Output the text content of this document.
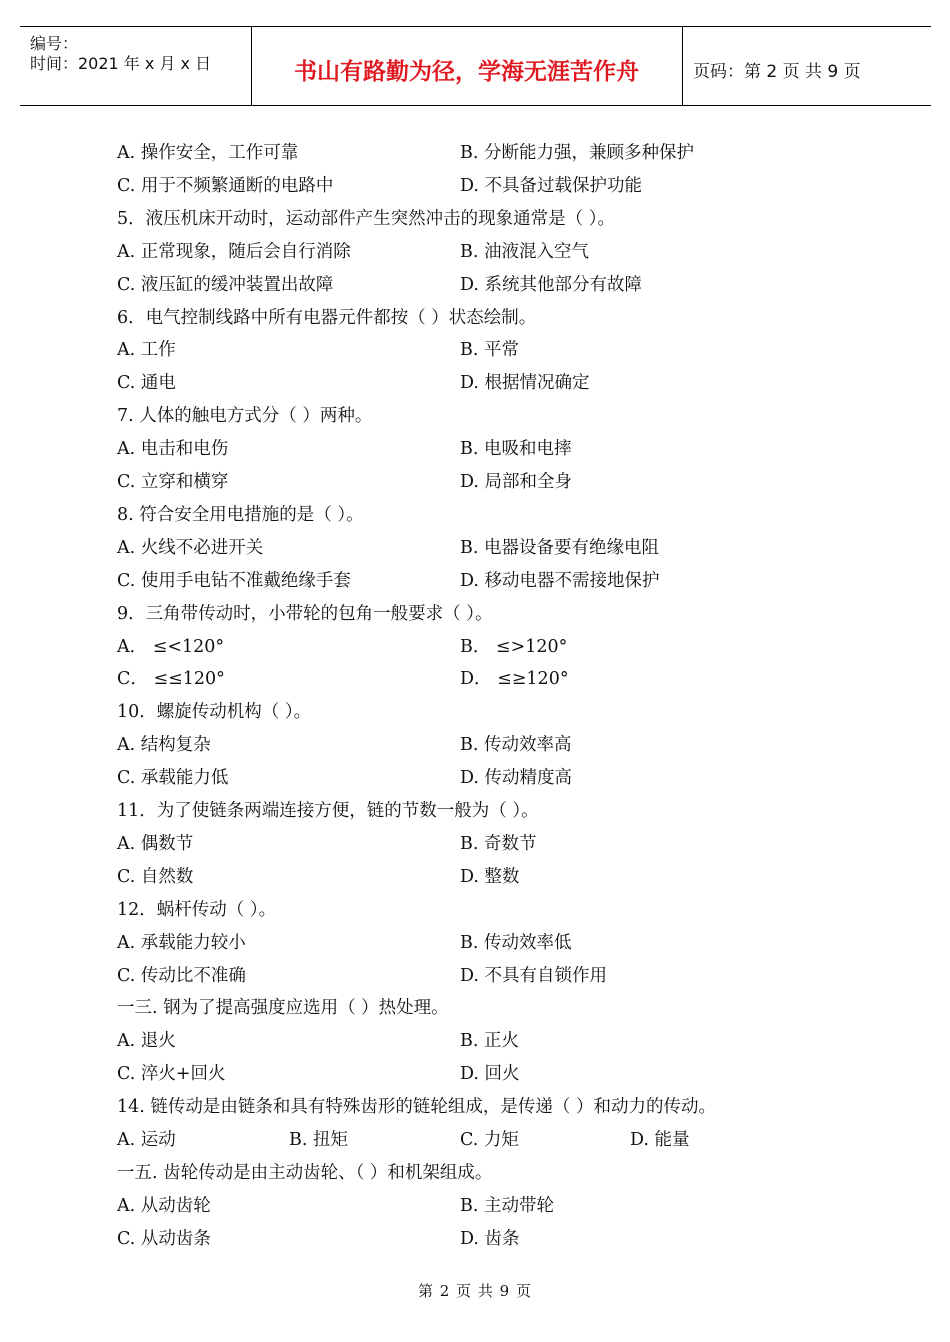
编号：
时间：2021 年 x 月 x 日	书山有路勤为径，学海无涯苦作舟	页码：第 2 页 共 9 页
A. 操作安全，工作可靠	B. 分断能力强，兼顾多种保护
C. 用于不频繁通断的电路中	D. 不具备过载保护功能
5．液压机床开动时，运动部件产生突然冲击的现象通常是（ ）。
A. 正常现象，随后会自行消除	B. 油液混入空气
C. 液压缸的缓冲装置出故障	D. 系统其他部分有故障
6．电气控制线路中所有电器元件都按（ ）状态绘制。
A. 工作	B. 平常
C. 通电	D. 根据情况确定
7. 人体的触电方式分（ ）两种。
A. 电击和电伤	B. 电吸和电摔
C. 立穿和横穿	D. 局部和全身
8. 符合安全用电措施的是（ ）。
A. 火线不必进开关	B. 电器设备要有绝缘电阻
C. 使用手电钻不准戴绝缘手套	D. 移动电器不需接地保护
9．三角带传动时，小带轮的包角一般要求（ ）。
A． ≤<120°	B． ≤>120°
C． ≤≤120°	D． ≤≥120°
10．螺旋传动机构（ ）。
A. 结构复杂	B. 传动效率高
C. 承载能力低	D. 传动精度高
11．为了使链条两端连接方便，链的节数一般为（ ）。
A. 偶数节	B. 奇数节
C. 自然数	D. 整数
12．蜗杆传动（ ）。
A. 承载能力较小	B. 传动效率低
C. 传动比不准确	D. 不具有自锁作用
一三. 钢为了提高强度应选用（ ）热处理。
A. 退火	B. 正火
C. 淬火+回火	D. 回火
14. 链传动是由链条和具有特殊齿形的链轮组成，是传递（ ）和动力的传动。
A. 运动	B. 扭矩	C. 力矩	D. 能量
一五. 齿轮传动是由主动齿轮、（ ）和机架组成。
A. 从动齿轮	B. 主动带轮
C. 从动齿条	D. 齿条
第 2 页 共 9 页
